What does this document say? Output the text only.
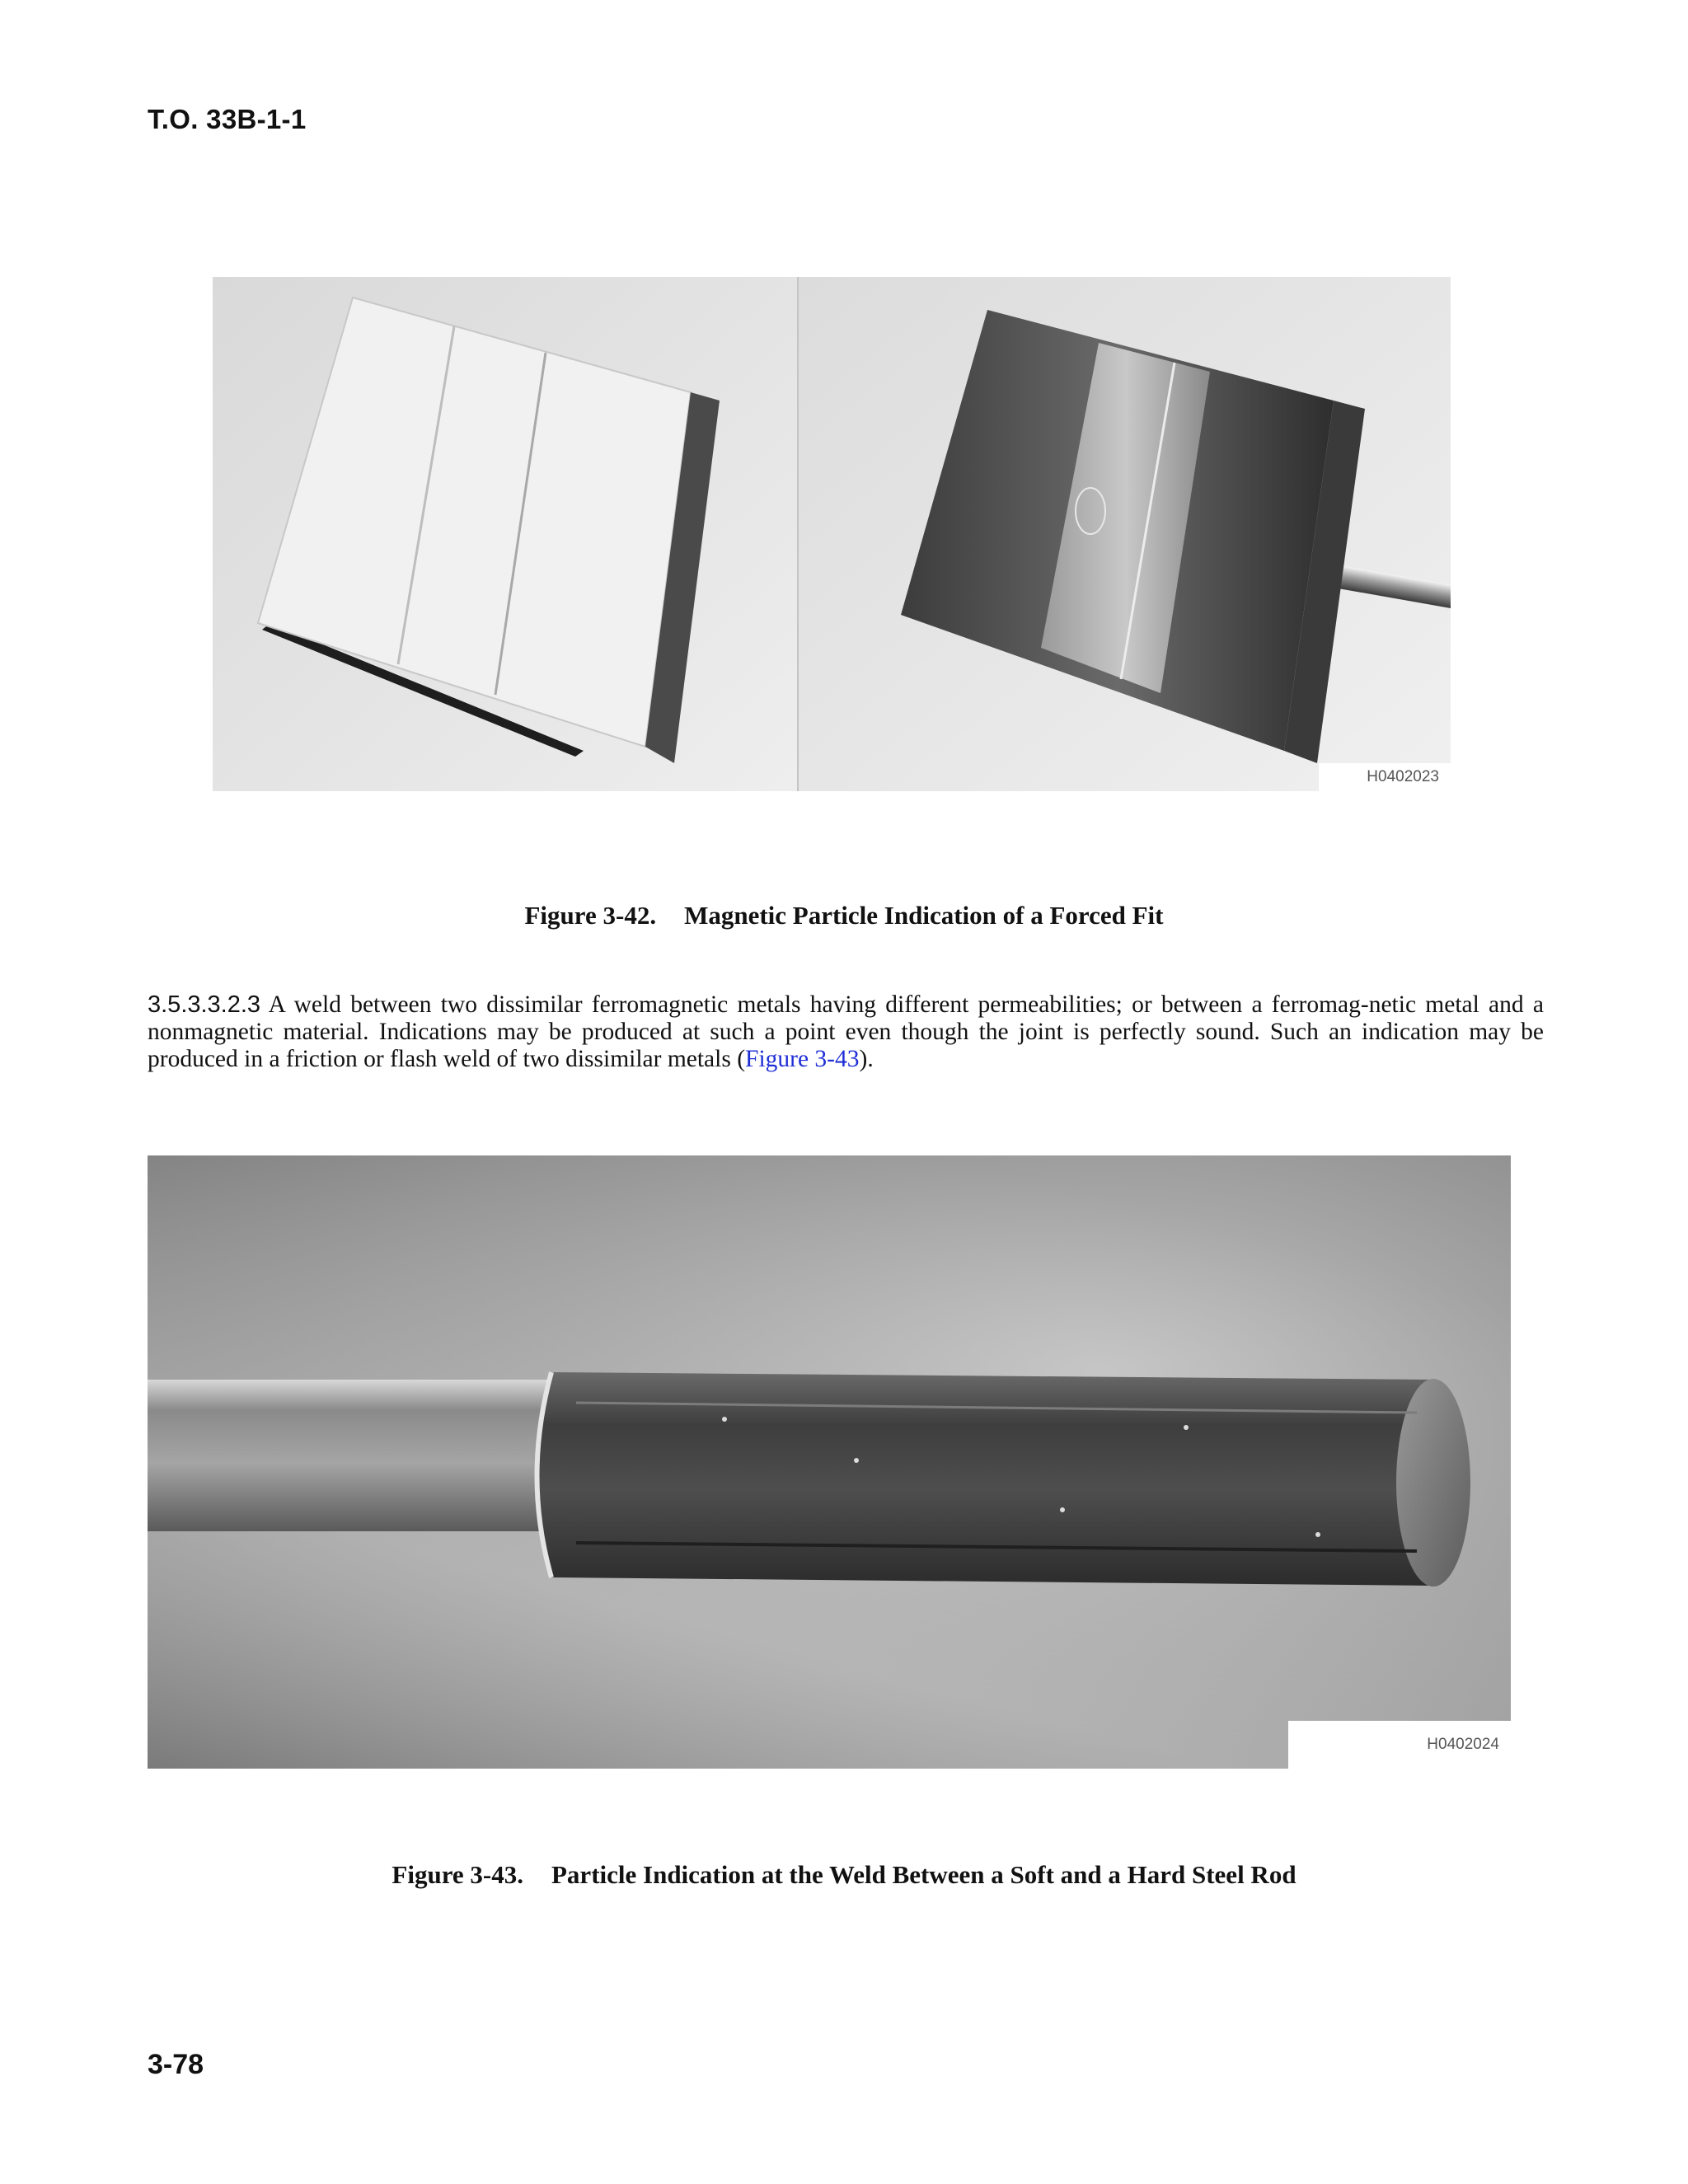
T.O. 33B-1-1
H0402023
Figure 3-42. Magnetic Particle Indication of a Forced Fit
3.5.3.3.2.3 A weld between two dissimilar ferromagnetic metals having different permeabilities; or between a ferromag-netic metal and a nonmagnetic material. Indications may be produced at such a point even though the joint is perfectly sound. Such an indication may be produced in a friction or flash weld of two dissimilar metals (Figure 3-43).
H0402024
Figure 3-43. Particle Indication at the Weld Between a Soft and a Hard Steel Rod
3-78
